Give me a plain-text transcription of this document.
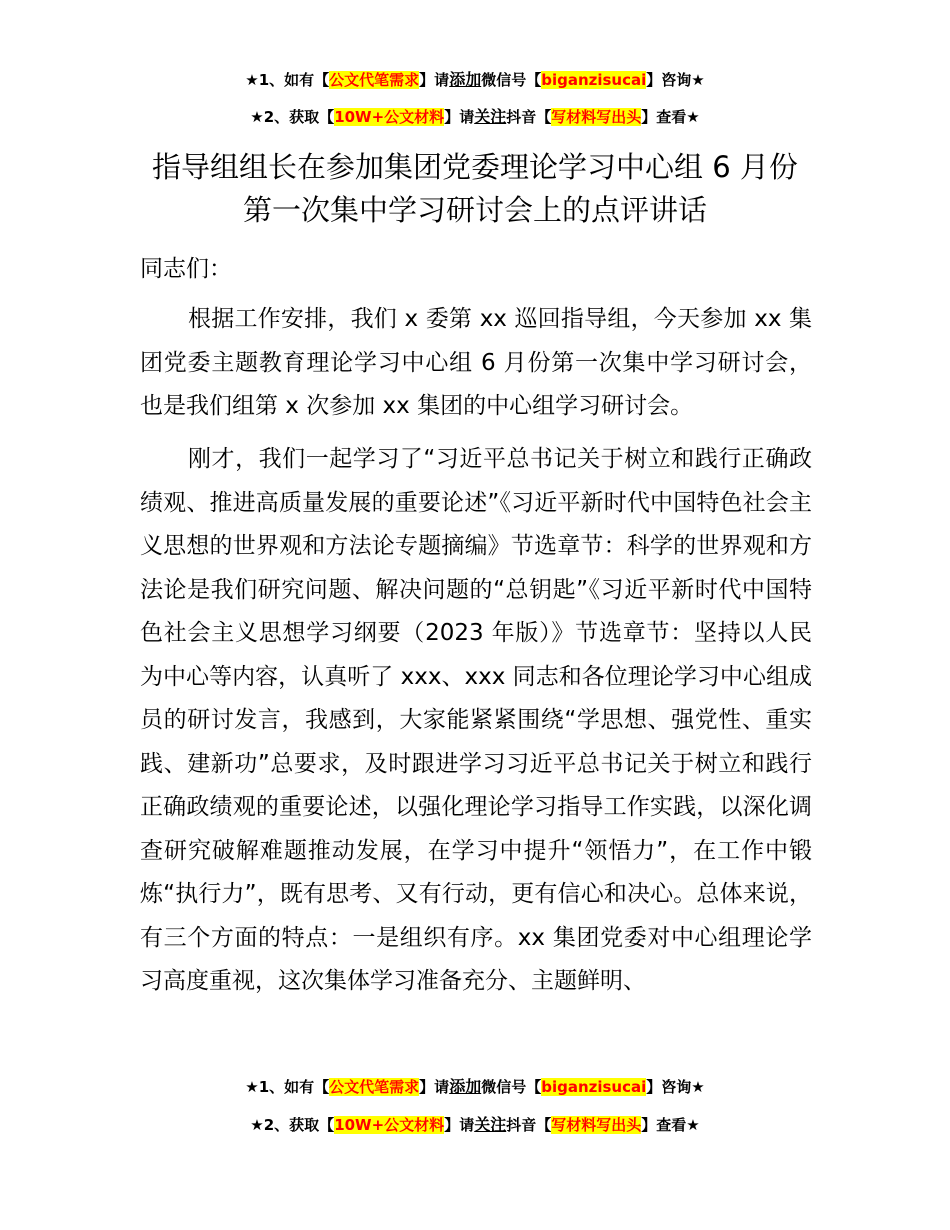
★1、如有【公文代笔需求】请添加微信号【biganzisucai】咨询★
★2、获取【10W+公文材料】请关注抖音【写材料写出头】查看★
指导组组长在参加集团党委理论学习中心组 6 月份第一次集中学习研讨会上的点评讲话
同志们：
根据工作安排，我们 x 委第 xx 巡回指导组，今天参加 xx 集团党委主题教育理论学习中心组 6 月份第一次集中学习研讨会，也是我们组第 x 次参加 xx 集团的中心组学习研讨会。
刚才，我们一起学习了“习近平总书记关于树立和践行正确政绩观、推进高质量发展的重要论述”《习近平新时代中国特色社会主义思想的世界观和方法论专题摘编》节选章节：科学的世界观和方法论是我们研究问题、解决问题的“总钥匙”《习近平新时代中国特色社会主义思想学习纲要（2023 年版）》节选章节：坚持以人民为中心等内容，认真听了 xxx、xxx 同志和各位理论学习中心组成员的研讨发言，我感到，大家能紧紧围绕“学思想、强党性、重实践、建新功”总要求，及时跟进学习习近平总书记关于树立和践行正确政绩观的重要论述，以强化理论学习指导工作实践，以深化调查研究破解难题推动发展，在学习中提升“领悟力”，在工作中锻炼“执行力”，既有思考、又有行动，更有信心和决心。总体来说，有三个方面的特点：一是组织有序。xx 集团党委对中心组理论学习高度重视，这次集体学习准备充分、主题鲜明、
★1、如有【公文代笔需求】请添加微信号【biganzisucai】咨询★
★2、获取【10W+公文材料】请关注抖音【写材料写出头】查看★
